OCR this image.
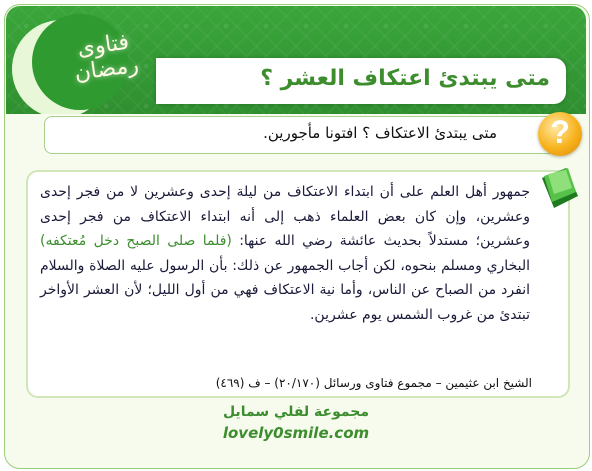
فتاوى رمضان	متى يبتدئ اعتكاف العشر ؟
متى يبتدئ الاعتكاف ؟ افتونا مأجورين.	?
جمهور أهل العلم على أن ابتداء الاعتكاف من ليلة إحدى وعشرين لا من فجر إحدى وعشرين، وإن كان بعض العلماء ذهب إلى أنه ابتداء الاعتكاف من فجر إحدى وعشرين؛ مستدلاً بحديث عائشة رضي الله عنها: (فلما صلى الصبح دخل مُعتكفه) البخاري ومسلم بنحوه، لكن أجاب الجمهور عن ذلك: بأن الرسول عليه الصلاة والسلام انفرد من الصباح عن الناس، وأما نية الاعتكاف فهي من أول الليل؛ لأن العشر الأواخر تبتدئ من غروب الشمس يوم عشرين.
الشيخ ابن عثيمين – مجموع فتاوى ورسائل (٢٠/١٧٠) – ف (٤٦٩)
مجموعة لفلي سمايل
lovely0smile.com
